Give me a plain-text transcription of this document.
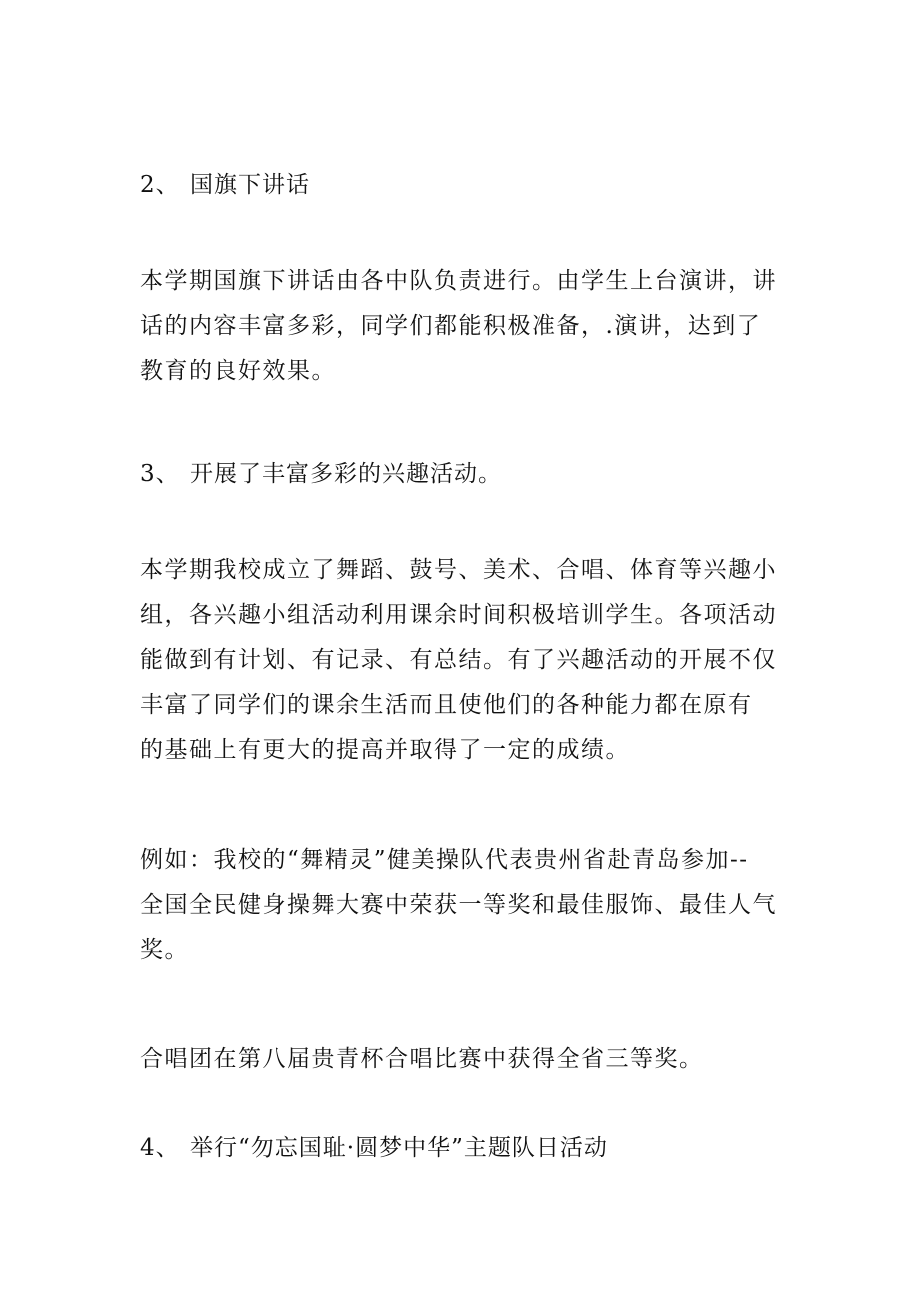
2、 国旗下讲话
本学期国旗下讲话由各中队负责进行。由学生上台演讲，讲
话的内容丰富多彩，同学们都能积极准备，.演讲，达到了
教育的良好效果。
3、 开展了丰富多彩的兴趣活动。
本学期我校成立了舞蹈、鼓号、美术、合唱、体育等兴趣小
组，各兴趣小组活动利用课余时间积极培训学生。各项活动
能做到有计划、有记录、有总结。有了兴趣活动的开展不仅
丰富了同学们的课余生活而且使他们的各种能力都在原有
的基础上有更大的提高并取得了一定的成绩。
例如：我校的“舞精灵”健美操队代表贵州省赴青岛参加--
全国全民健身操舞大赛中荣获一等奖和最佳服饰、最佳人气
奖。
合唱团在第八届贵青杯合唱比赛中获得全省三等奖。
4、 举行“勿忘国耻·圆梦中华”主题队日活动
